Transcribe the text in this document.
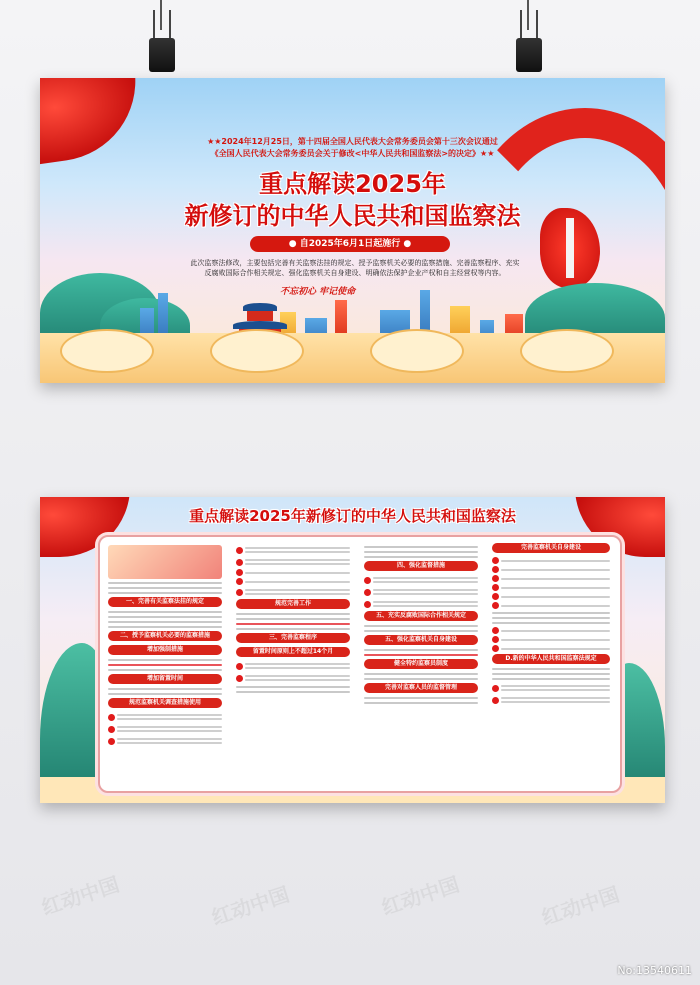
★★2024年12月25日，第十四届全国人民代表大会常务委员会第十三次会议通过
《全国人民代表大会常务委员会关于修改<中华人民共和国监察法>的决定》★★
重点解读2025年
新修订的中华人民共和国监察法
● 自2025年6月1日起施行 ●
此次监察法修改，主要包括完善有关监察法挂的规定、授予监察机关必要的监察措施、完善监察程序、充实
反腐败国际合作相关规定、强化监察机关自身建设、明确依法保护企业产权和自主经营权等内容。
不忘初心 牢记使命
重点解读2025年新修订的中华人民共和国监察法
一、完善有关监察法挂的规定
二、授予监察机关必要的监察措施
增加强制措施
增加留置时间
规范监察机关调查措施使用
规范完善工作
三、完善监察程序
留置时间原则上不超过14个月
四、强化监督措施
五、充实反腐败国际合作相关规定
五、强化监察机关自身建设
健全特约监察员制度
完善对监察人员的监督管理
完善监察机关自身建设
D.新的中华人民共和国监察法规定
红动中国	红动中国	红动中国	红动中国
No:13540611
